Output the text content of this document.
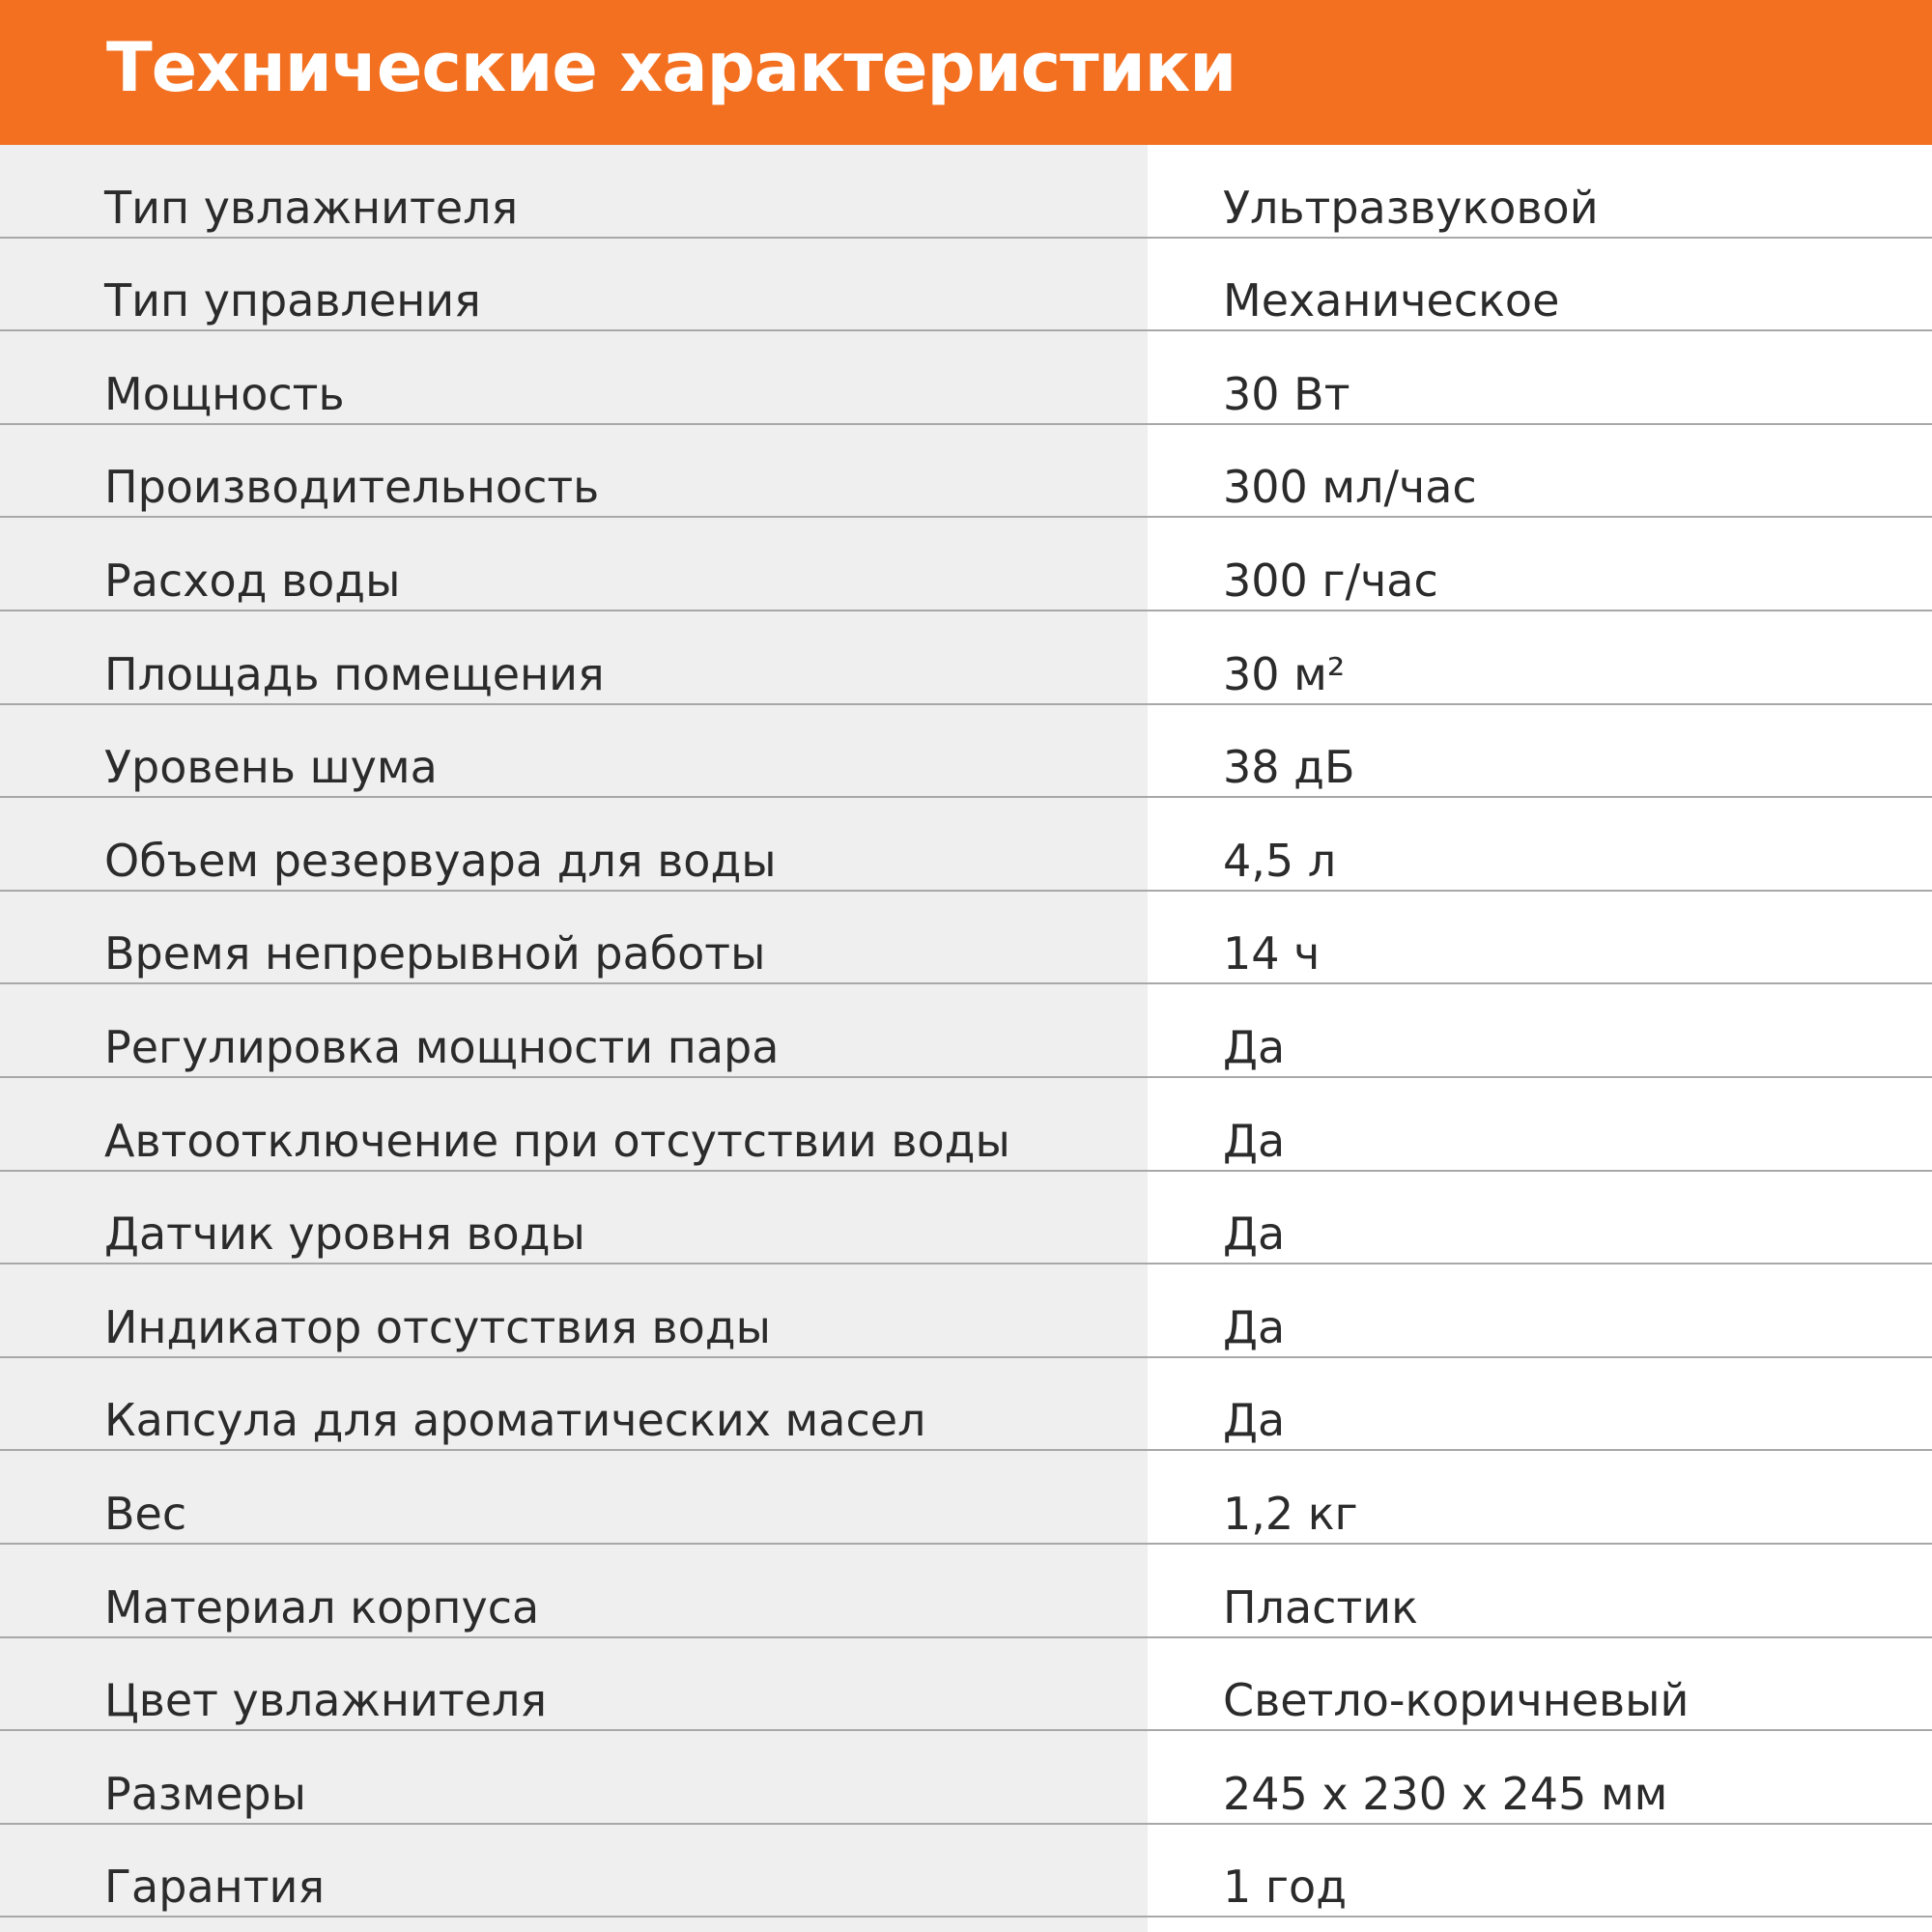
Технические характеристики
Тип увлажнителя	Ультразвуковой
Тип управления	Механическое
Мощность	30 Вт
Производительность	300 мл/час
Расход воды	300 г/час
Площадь помещения	30 м²
Уровень шума	38 дБ
Объем резервуара для воды	4,5 л
Время непрерывной работы	14 ч
Регулировка мощности пара	Да
Автоотключение при отсутствии воды	Да
Датчик уровня воды	Да
Индикатор отсутствия воды	Да
Капсула для ароматических масел	Да
Вес	1,2 кг
Материал корпуса	Пластик
Цвет увлажнителя	Светло-коричневый
Размеры	245 х 230 х 245 мм
Гарантия	1 год
